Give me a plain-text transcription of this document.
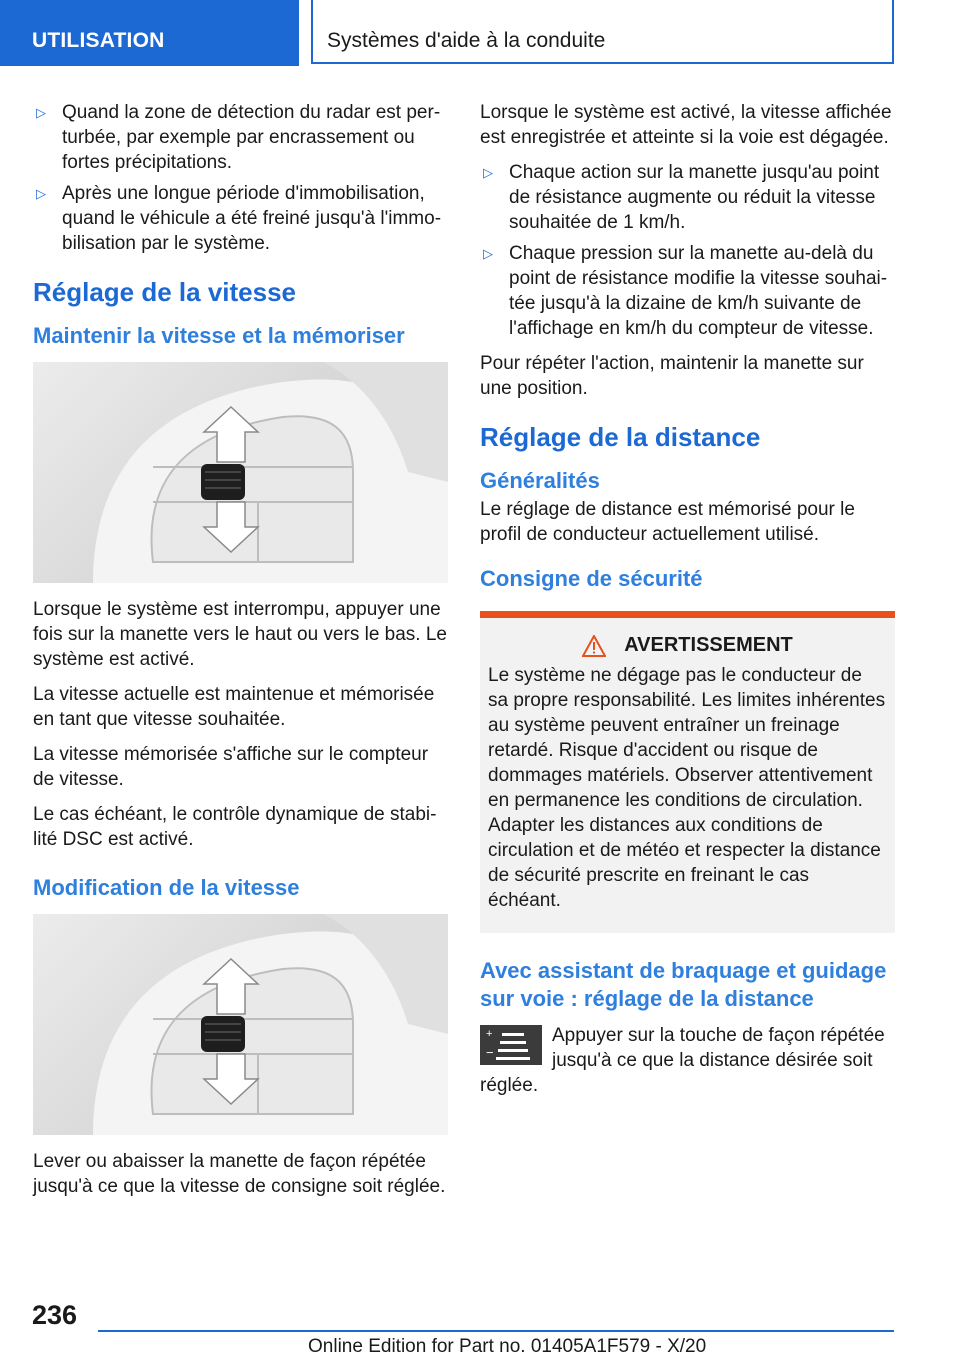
UTILISATION	Systèmes d'aide à la conduite
▷ Quand la zone de détection du radar est perturbée, par exemple par encrassement ou fortes précipitations.
▷ Après une longue période d'immobilisation, quand le véhicule a été freiné jusqu'à l'immobilisation par le système.
Réglage de la vitesse
Maintenir la vitesse et la mémoriser

Lorsque le système est interrompu, appuyer une fois sur la manette vers le haut ou vers le bas. Le système est activé.

La vitesse actuelle est maintenue et mémorisée en tant que vitesse souhaitée.

La vitesse mémorisée s'affiche sur le compteur de vitesse.

Le cas échéant, le contrôle dynamique de stabilité DSC est activé.

Modification de la vitesse

Lever ou abaisser la manette de façon répétée jusqu'à ce que la vitesse de consigne soit réglée.

Lorsque le système est activé, la vitesse affichée est enregistrée et atteinte si la voie est dégagée.

▷ Chaque action sur la manette jusqu'au point de résistance augmente ou réduit la vitesse souhaitée de 1 km/h.
▷ Chaque pression sur la manette au-delà du point de résistance modifie la vitesse souhaitée jusqu'à la dizaine de km/h suivante de l'affichage en km/h du compteur de vitesse.

Pour répéter l'action, maintenir la manette sur une position.

Réglage de la distance
Généralités

Le réglage de distance est mémorisé pour le profil de conducteur actuellement utilisé.

Consigne de sécurité
AVERTISSEMENT

Le système ne dégage pas le conducteur de sa propre responsabilité. Les limites inhérentes au système peuvent entraîner un freinage retardé. Risque d'accident ou risque de dommages matériels. Observer attentivement en permanence les conditions de circulation. Adapter les distances aux conditions de circulation et de météo et respecter la distance de sécurité prescrite en freinant le cas échéant.

Avec assistant de braquage et guidage sur voie : réglage de la distance
+
−
Appuyer sur la touche de façon répétée jusqu'à ce que la distance désirée soit réglée.
236
Online Edition for Part no. 01405A1F579 - X/20
